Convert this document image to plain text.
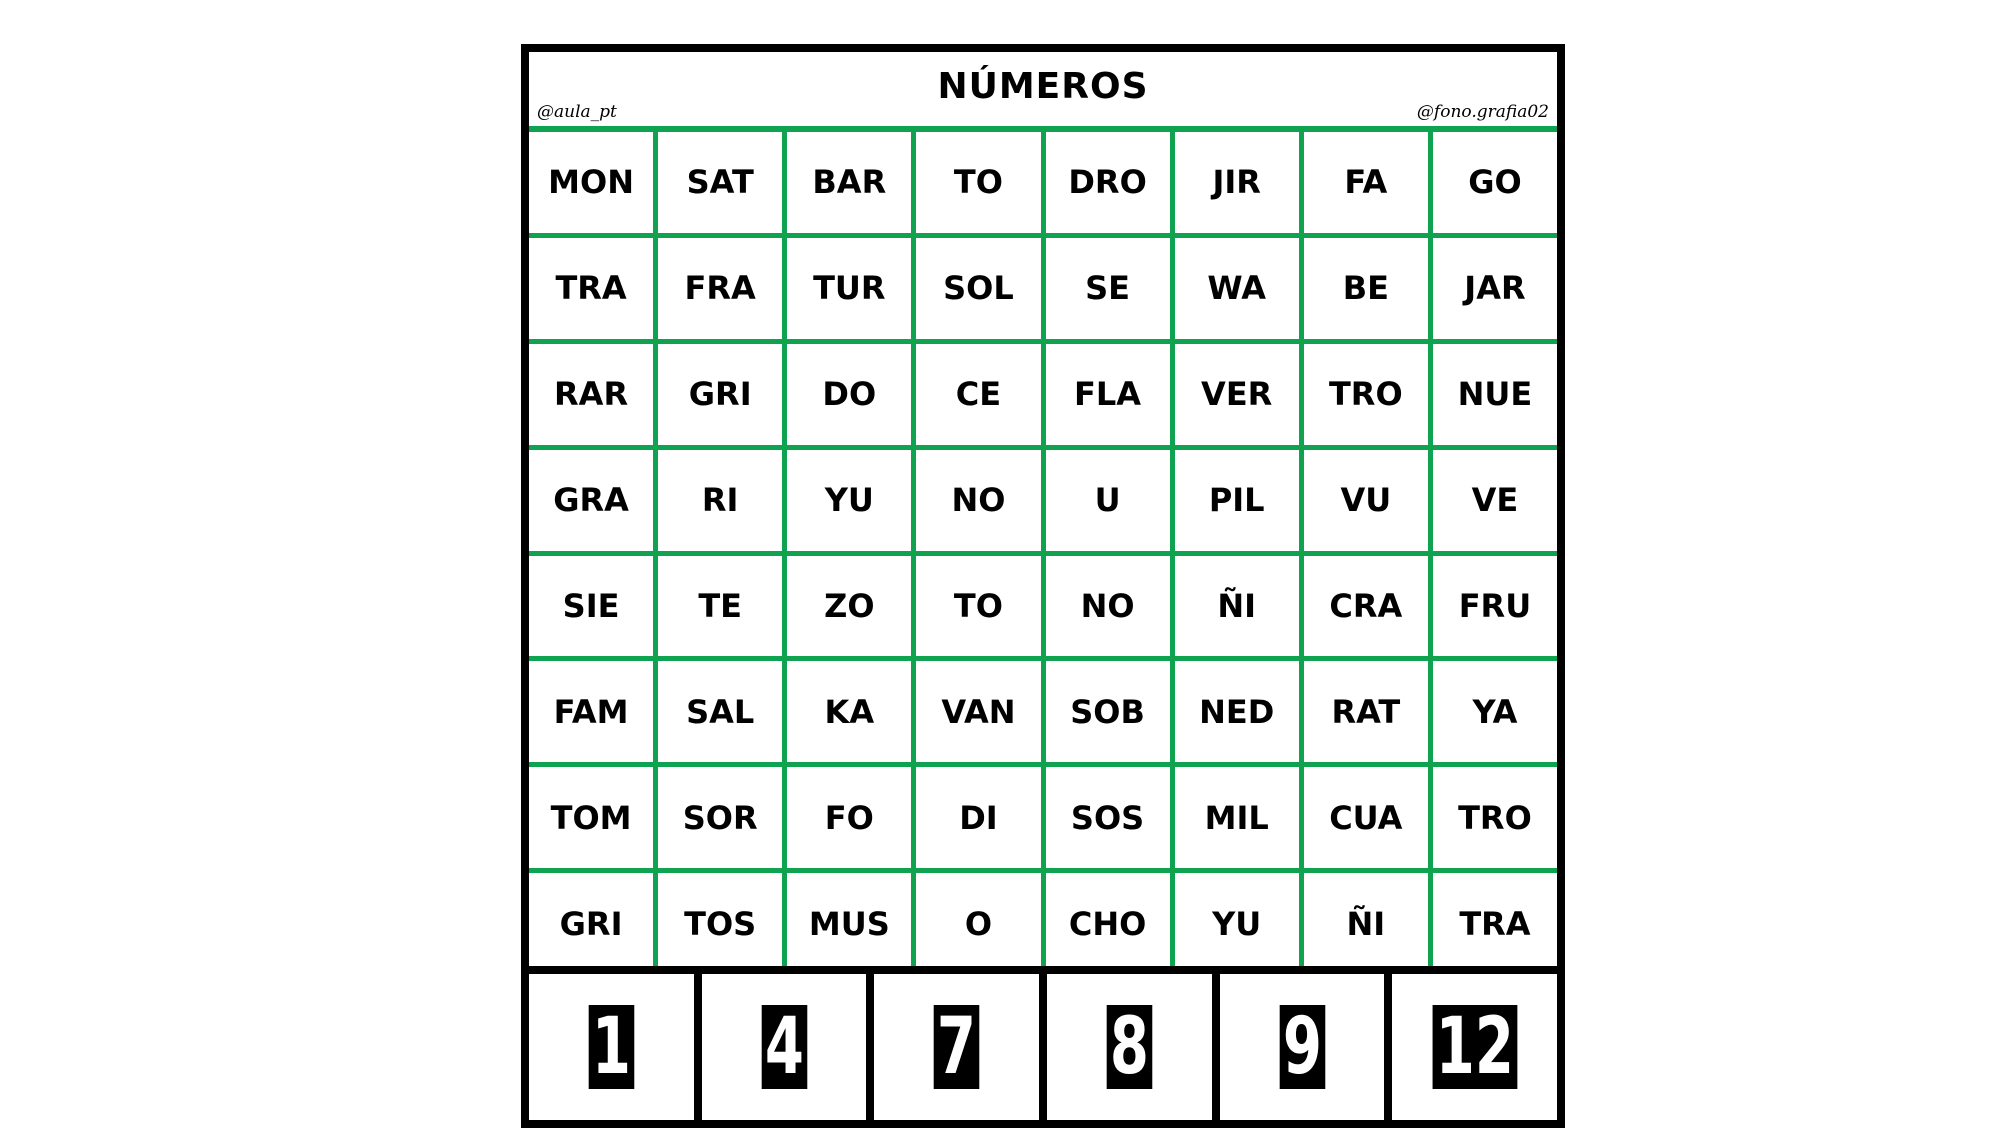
NÚMEROS
@aula_pt	@fono.grafia02
MON	SAT	BAR	TO	DRO	JIR	FA	GO
TRA	FRA	TUR	SOL	SE	WA	BE	JAR
RAR	GRI	DO	CE	FLA	VER	TRO	NUE
GRA	RI	YU	NO	U	PIL	VU	VE
SIE	TE	ZO	TO	NO	ÑI	CRA	FRU
FAM	SAL	KA	VAN	SOB	NED	RAT	YA
TOM	SOR	FO	DI	SOS	MIL	CUA	TRO
GRI	TOS	MUS	O	CHO	YU	ÑI	TRA
1 4 7 8 9 12
